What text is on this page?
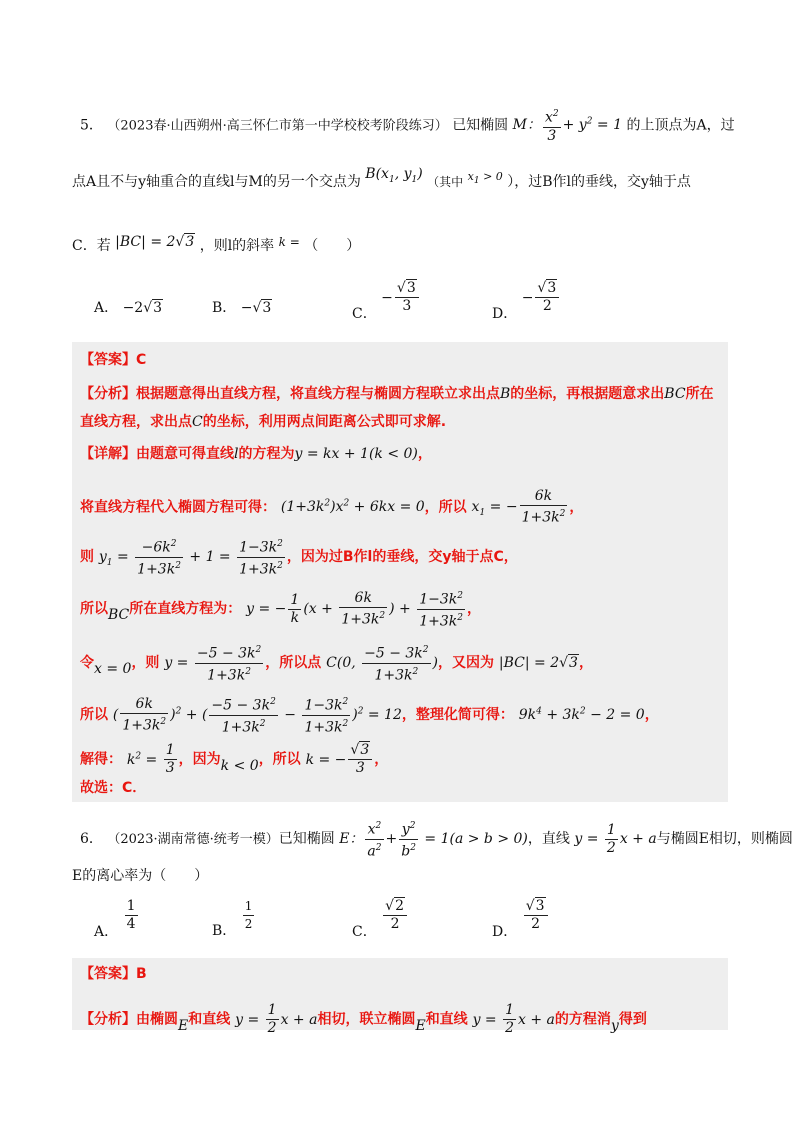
5． （2023春·山西朔州·高三怀仁市第一中学校校考阶段练习） 已知椭圆 M： $\frac{x^2}{3} + y^2 = 1$ 的上顶点为A，过
点A且不与y轴重合的直线l与M的另一个交点为 $B(x_1$, $y_1$) （其中 $^{x_1 > 0}$ ），过B作l的垂线，交y轴于点
C．若 |BC| = 2√3 ，则l的斜率 k = （　　）
A． −2√3	B． −√3	C． − $\frac{√3}{3}$	D． − $\frac{√3}{2}$
【答案】C
【分析】根据题意得出直线方程，将直线方程与椭圆方程联立求出点B的坐标，再根据题意求出BC所在
直线方程，求出点C的坐标，利用两点间距离公式即可求解.
【详解】由题意可得直线l的方程为y = kx + 1(k < 0)，
将直线方程代入椭圆方程可得： $(1+3k^2)x^2 + 6kx = 0$，所以 $x_1$ = − $\frac{6k}{1+3k^2}$ ，
则 $y_1 = \frac{-6k^2}{1+3k^2} + 1 = \frac{1-3k^2}{1+3k^2}$ ，因为过B作l的垂线，交y轴于点C，
所以BC所在直线方程为： y = − $\frac{1}{k} (x + \frac{6k}{1+3k^2}$ ) + $\frac{1-3k^2}{1+3k^2}$ ，
令x = 0，则 $y = \frac{-5 - 3k^2}{1+3k^2}$ ，所以点 C(0, $\frac{-5 - 3k^2}{1+3k^2}$ )，又因为 |BC| = 2√3，
所以 ( $\frac{6k}{1+3k^2} )^2$ + ( $\frac{-5 - 3k^2}{1+3k^2} - \frac{1-3k^2}{1+3k^2} )^2 = 12$，整理化简可得： $9k^4 + 3k^2 - 2 = 0$，
解得： $k^2 = \frac{1}{3}$ ，因为k < 0，所以 k = − $\frac{√3}{3}$ ，
故选：C．
6． （2023·湖南常德·统考一模）已知椭圆 E： $\frac{x^2}{a^2} + \frac{y^2}{b^2} = 1(a > b > 0)$，直线 $y = \frac{1}{2}$ x + a与椭圆E相切，则椭圆
E的离心率为（　　）
A． $\frac{1}{4}$	B． $\frac{1}{2}$	C． $\frac{√2}{2}$	D． $\frac{√3}{2}$
【答案】B
【分析】由椭圆E和直线 $y = \frac{1}{2}$ x + a相切，联立椭圆E和直线 $y = \frac{1}{2}$ x + a的方程消y得到
